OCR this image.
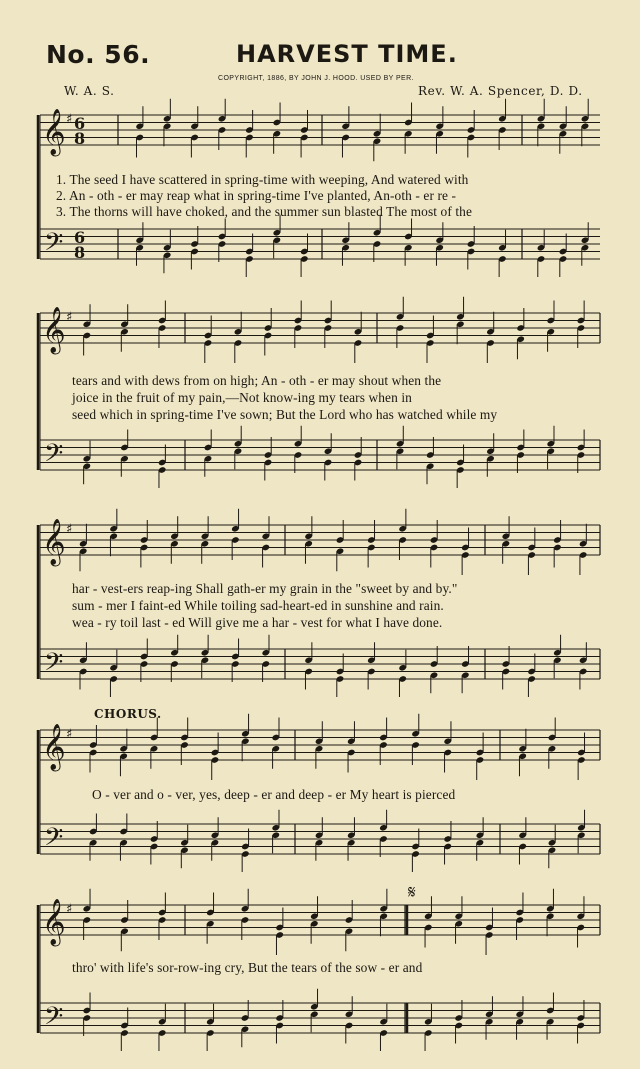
No. 56.	HARVEST TIME.
COPYRIGHT, 1886, BY JOHN J. HOOD. USED BY PER.
W. A. S.	Rev. W. A. Spencer, D. D.
𝄞
𝄢
♯ 6
8
6
8
𝄞
𝄢
♯
𝄞
𝄢
♯
𝄞
𝄢
♯
𝄞
𝄢
♯
𝄋
1. The seed I have scattered in spring-time with weeping, And watered with
2. An - oth - er may reap what in spring-time I've planted, An-oth - er re -
3. The thorns will have choked, and the summer sun blasted The most of the
tears and with dews from on high; An - oth - er may shout when the
joice in the fruit of my pain,—Not know-ing my tears when in
seed which in spring-time I've sown; But the Lord who has watched while my
har - vest-ers reap-ing Shall gath-er my grain in the "sweet by and by."
sum - mer I faint-ed While toiling sad-heart-ed in sunshine and rain.
wea - ry toil last - ed Will give me a har - vest for what I have done.
CHORUS.
O - ver and o - ver, yes, deep - er and deep - er My heart is pierced
thro' with life's sor-row-ing cry, But the tears of the sow - er and
